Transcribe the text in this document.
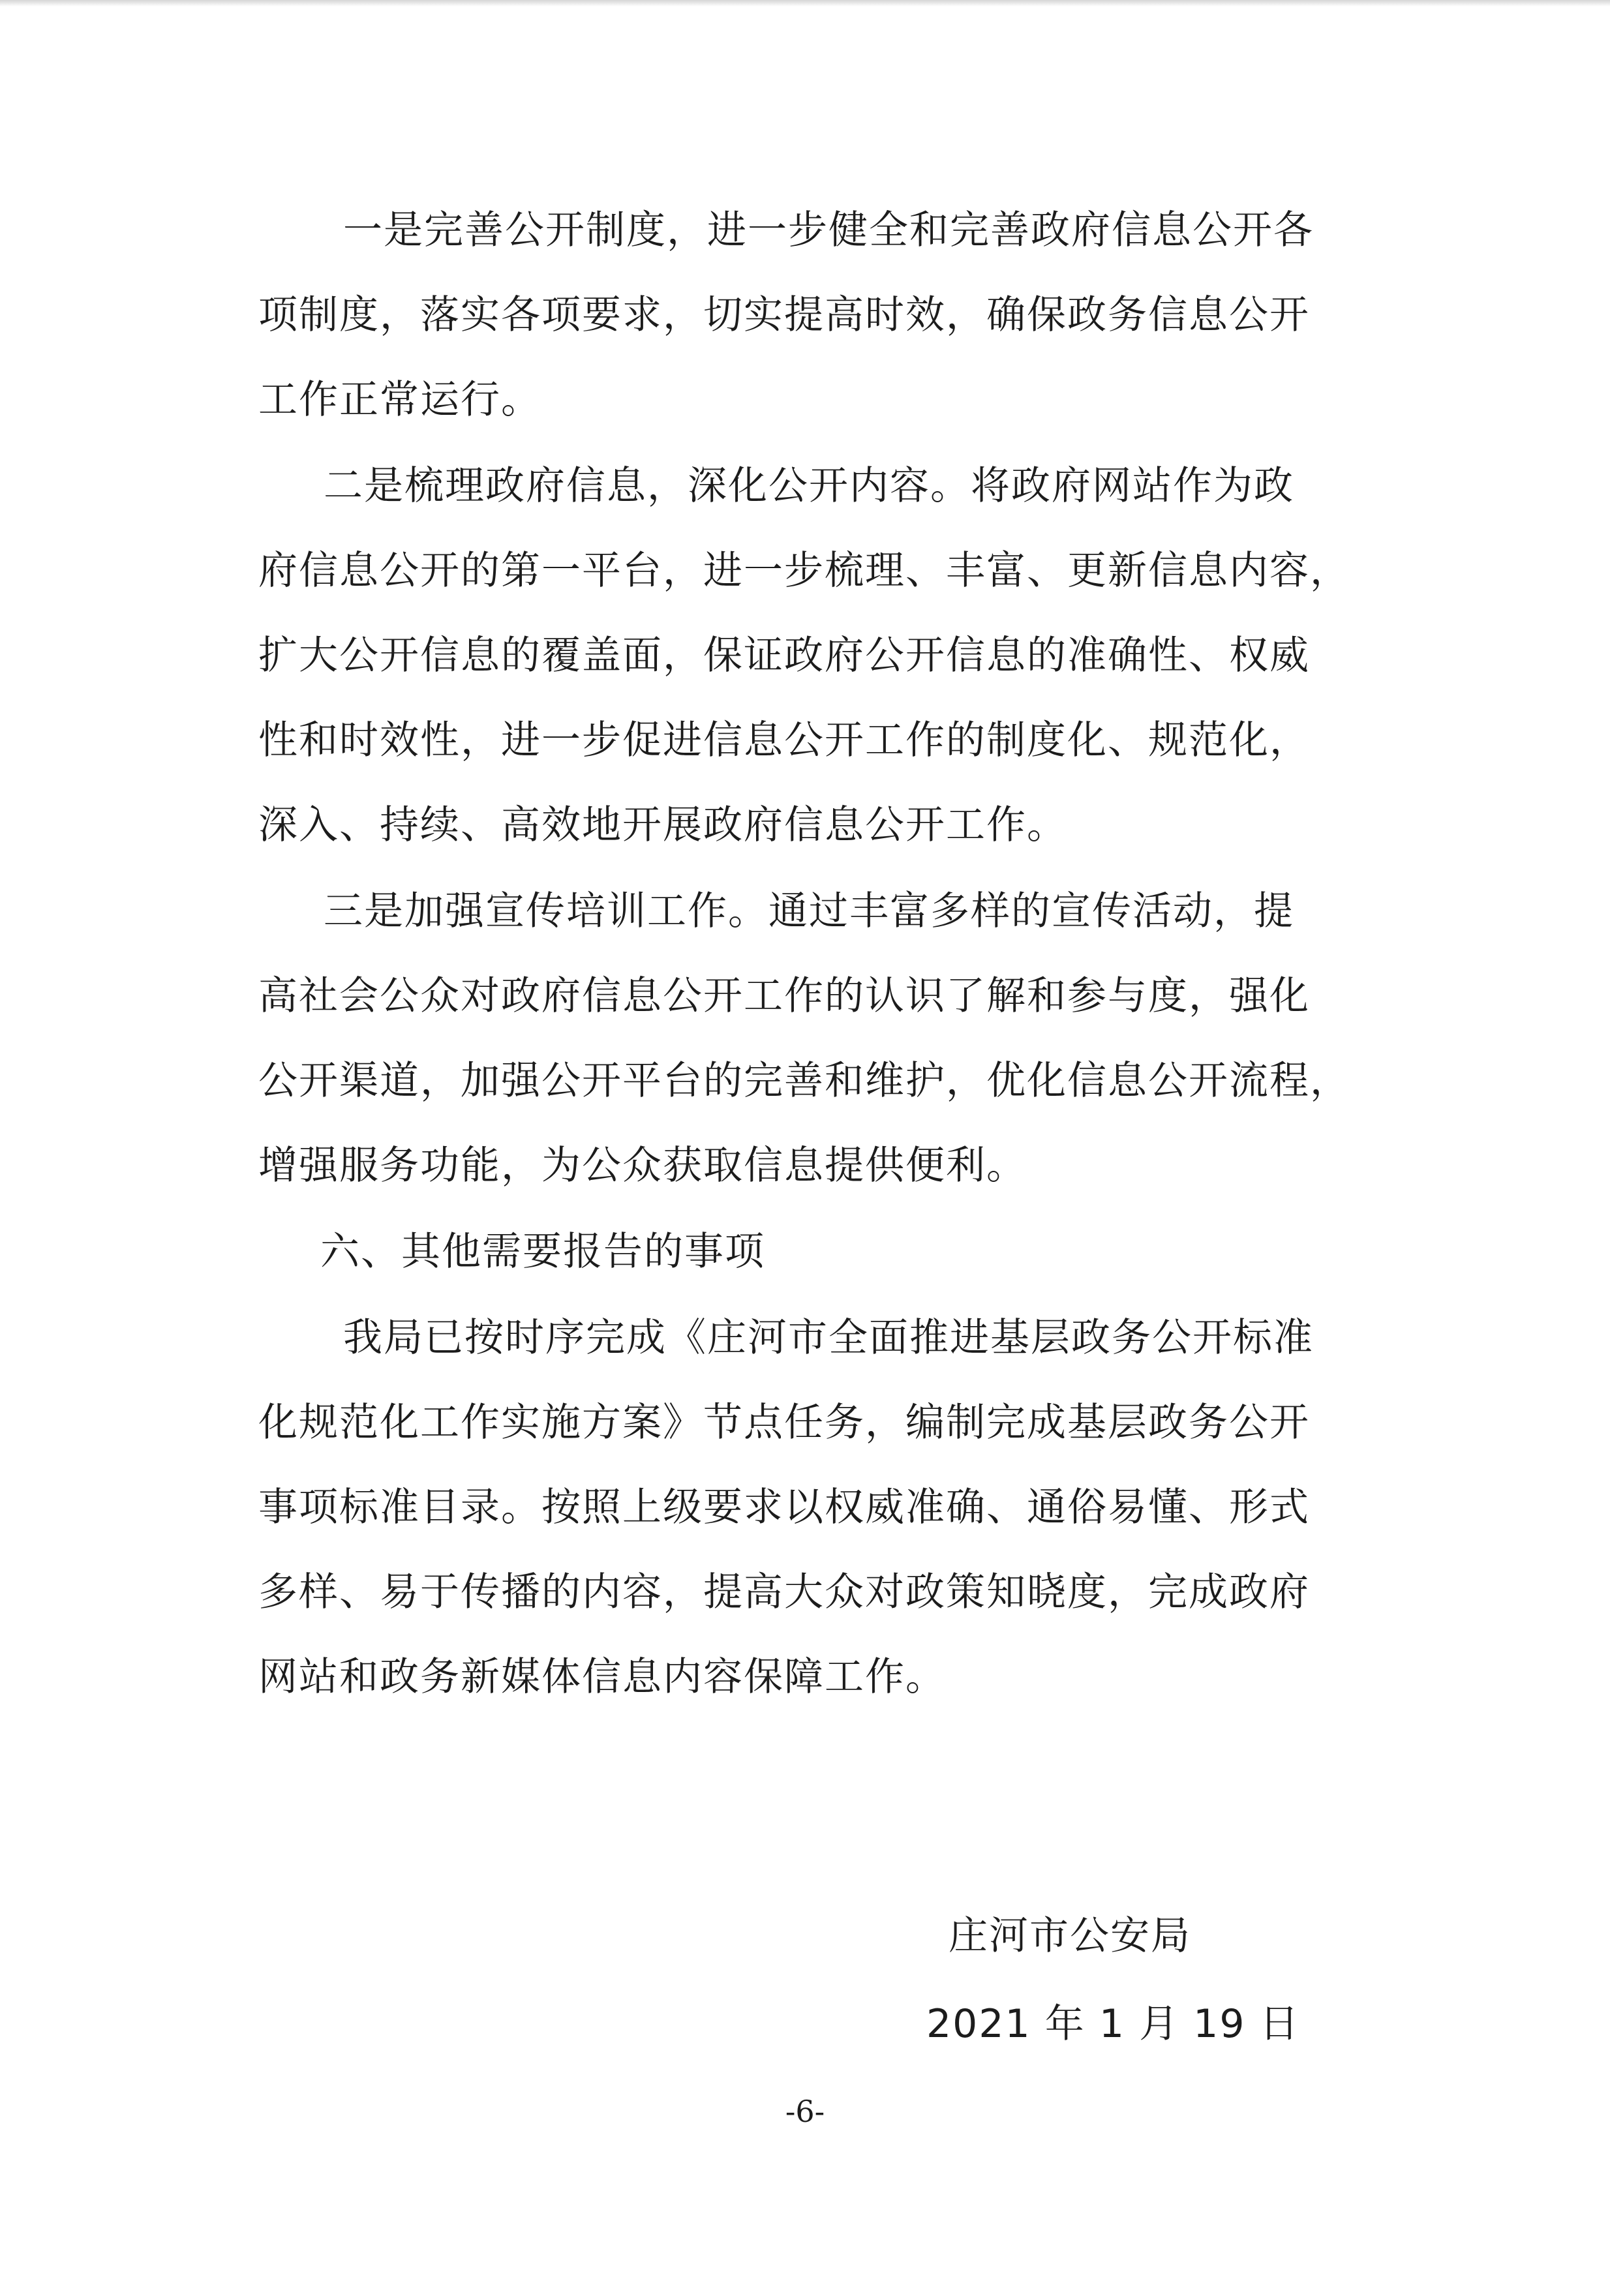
一是完善公开制度，进一步健全和完善政府信息公开各
项制度，落实各项要求，切实提高时效，确保政务信息公开
工作正常运行。
二是梳理政府信息，深化公开内容。将政府网站作为政
府信息公开的第一平台，进一步梳理、丰富、更新信息内容，
扩大公开信息的覆盖面，保证政府公开信息的准确性、权威
性和时效性，进一步促进信息公开工作的制度化、规范化，
深入、持续、高效地开展政府信息公开工作。
三是加强宣传培训工作。通过丰富多样的宣传活动，提
高社会公众对政府信息公开工作的认识了解和参与度，强化
公开渠道，加强公开平台的完善和维护，优化信息公开流程，
增强服务功能，为公众获取信息提供便利。
六、其他需要报告的事项
我局已按时序完成《庄河市全面推进基层政务公开标准
化规范化工作实施方案》节点任务，编制完成基层政务公开
事项标准目录。按照上级要求以权威准确、通俗易懂、形式
多样、易于传播的内容，提高大众对政策知晓度，完成政府
网站和政务新媒体信息内容保障工作。
庄河市公安局
2021 年 1 月 19 日
-6-
